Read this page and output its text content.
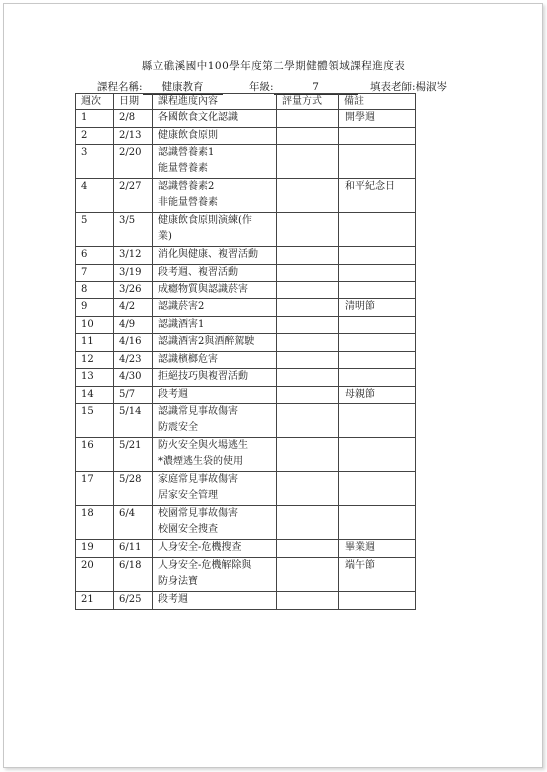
縣立礁溪國中100學年度第二學期健體領域課程進度表
課程名稱: 健康教育	年級:	7	填表老師:楊淑岑
週次	日期	課程進度內容	評量方式	備註
1	2/8	各國飲食文化認識		開學週
2	2/13	健康飲食原則		

3	2/20	認識營養素1
能量營養素		

4	2/27	認識營養素2
非能量營養素		和平紀念日
5	3/5	健康飲食原則演練(作
業)		

6	3/12	消化與健康、複習活動		

7	3/19	段考週、複習活動		

8	3/26	成癮物質與認識菸害		

9	4/2	認識菸害2		清明節
10	4/9	認識酒害1		

11	4/16	認識酒害2與酒醉駕駛		

12	4/23	認識檳榔危害		

13	4/30	拒絕技巧與複習活動		

14	5/7	段考週		母親節
15	5/14	認識常見事故傷害
防震安全		

16	5/21	防火安全與火場逃生
*濃煙逃生袋的使用		

17	5/28	家庭常見事故傷害
居家安全管理		

18	6/4	校園常見事故傷害
校園安全搜查		

19	6/11	人身安全-危機搜查		畢業週
20	6/18	人身安全-危機解除與
防身法寶		端午節
21	6/25	段考週		
